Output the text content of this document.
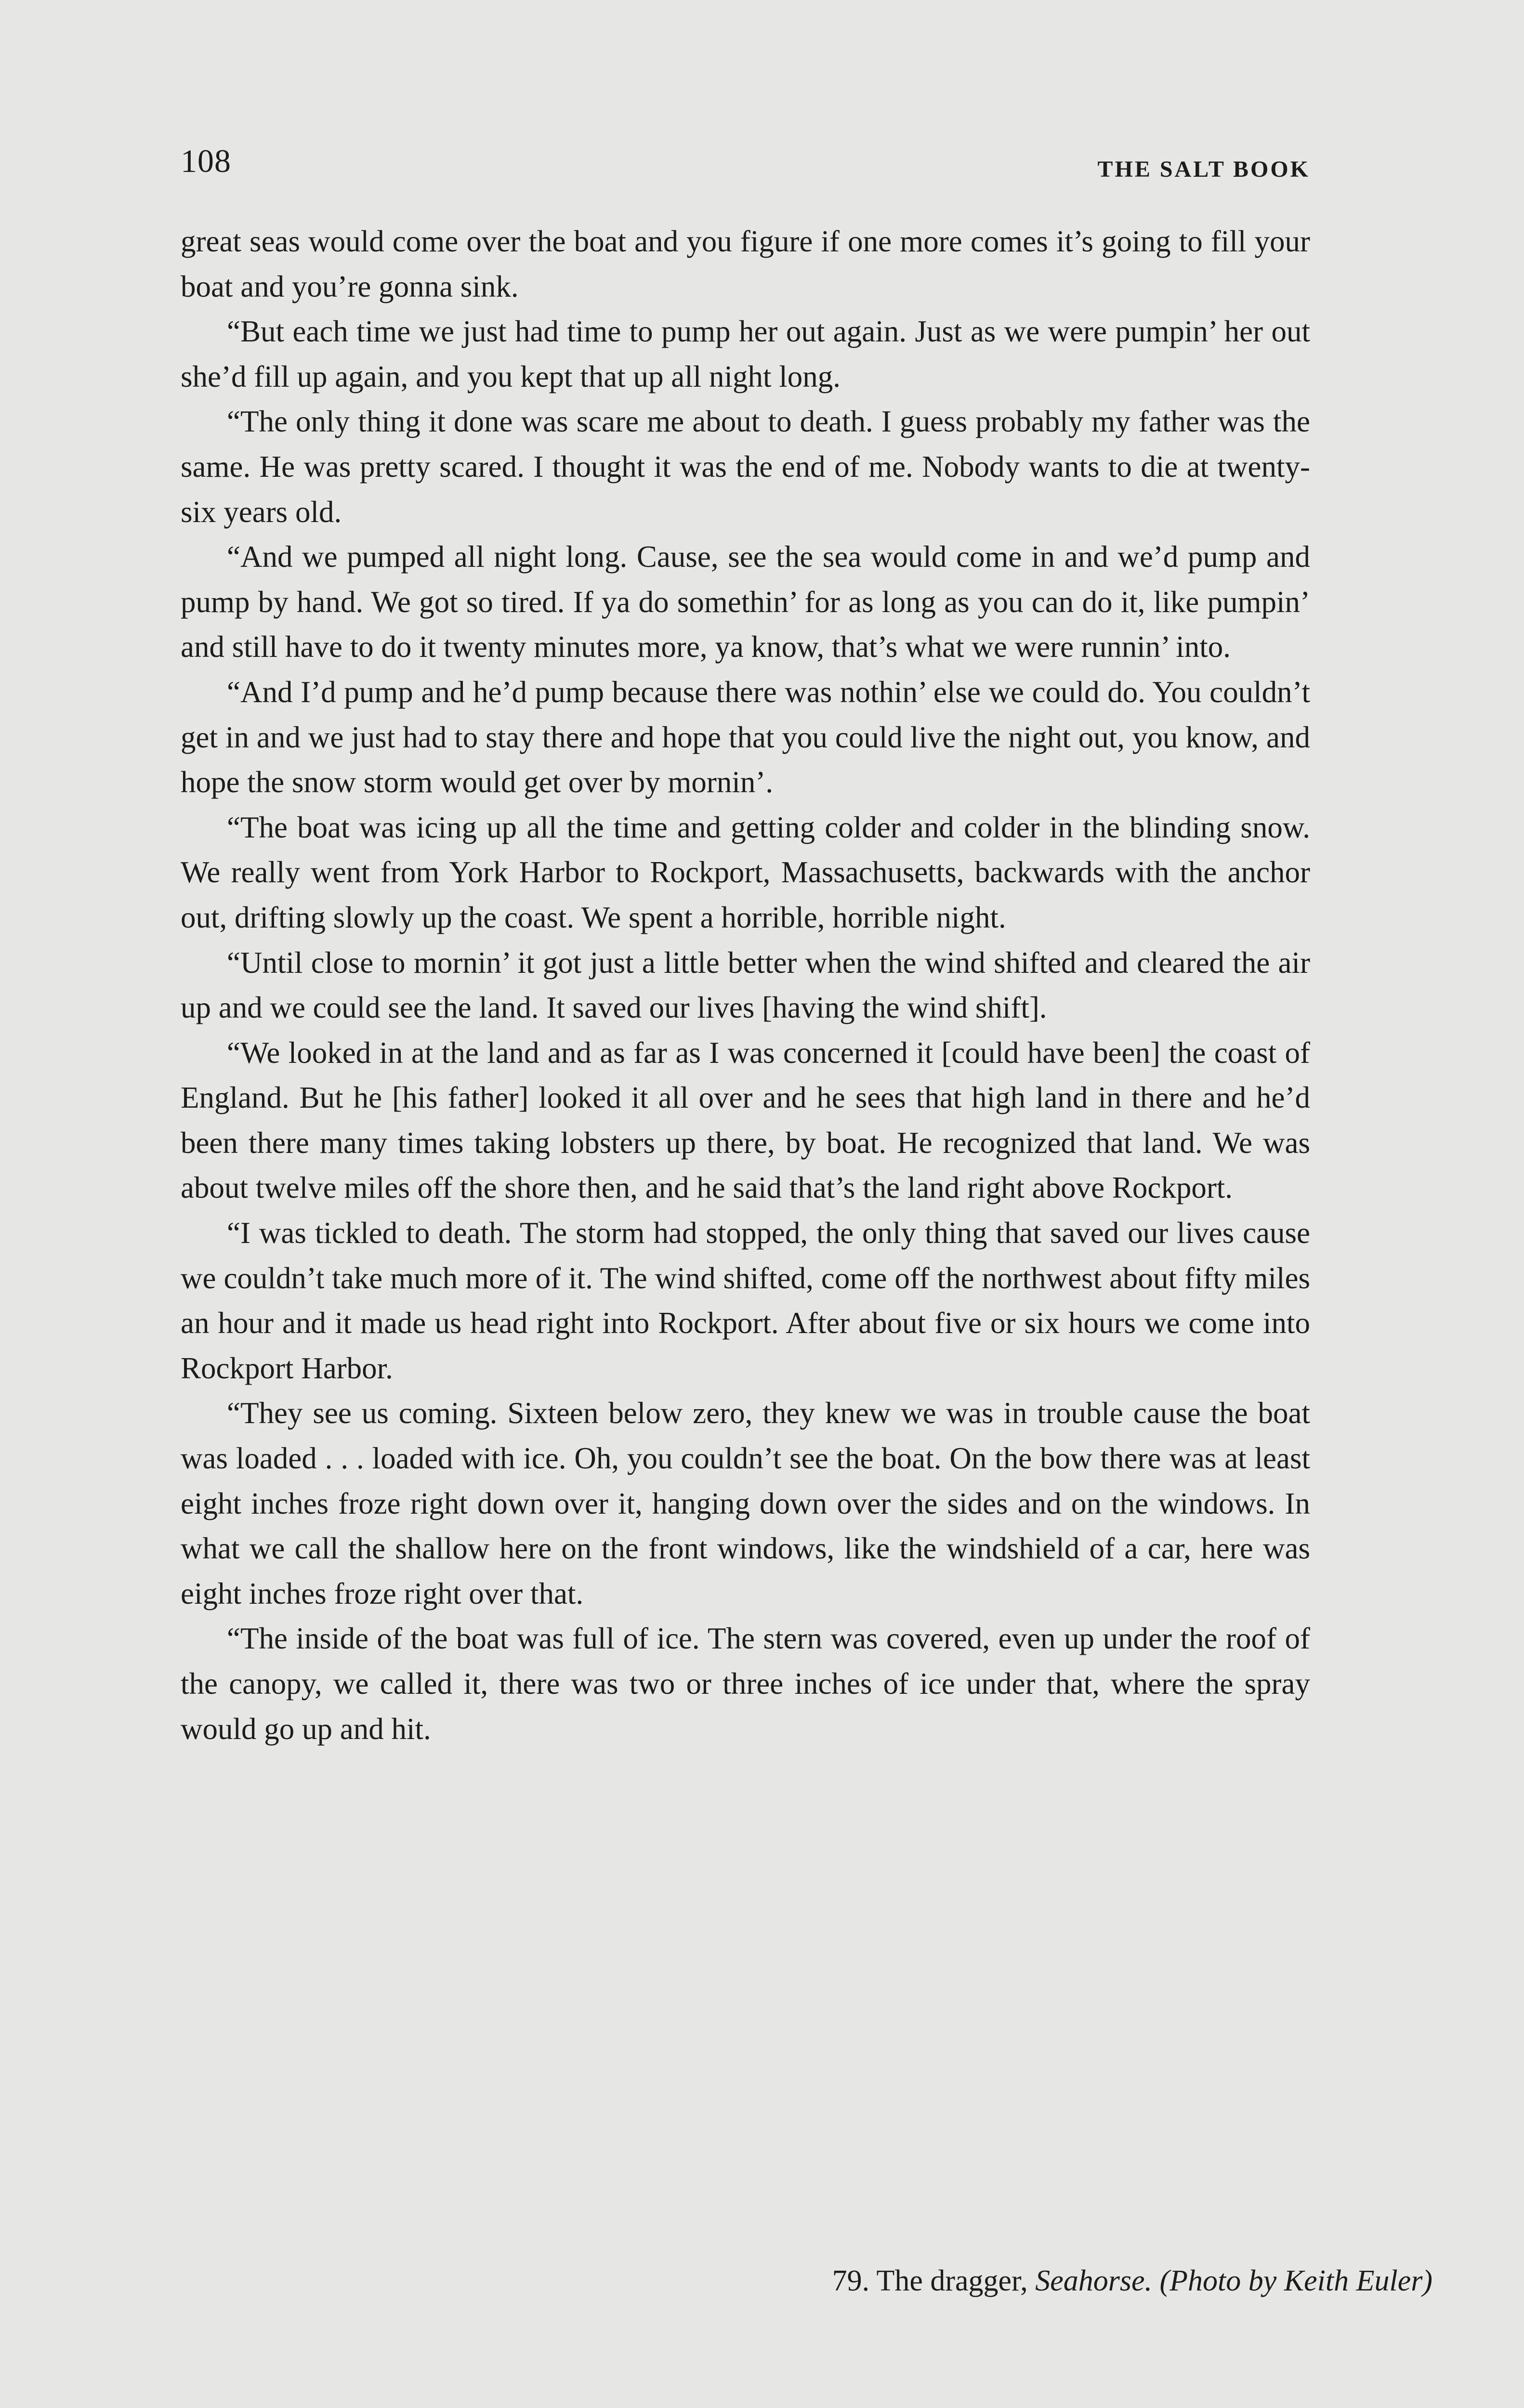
108	THE SALT BOOK

great seas would come over the boat and you figure if one more comes it’s going to fill your boat and you’re gonna sink.

“But each time we just had time to pump her out again. Just as we were pumpin’ her out she’d fill up again, and you kept that up all night long.

“The only thing it done was scare me about to death. I guess probably my father was the same. He was pretty scared. I thought it was the end of me. Nobody wants to die at twenty-six years old.

“And we pumped all night long. Cause, see the sea would come in and we’d pump and pump by hand. We got so tired. If ya do somethin’ for as long as you can do it, like pumpin’ and still have to do it twenty minutes more, ya know, that’s what we were runnin’ into.

“And I’d pump and he’d pump because there was nothin’ else we could do. You couldn’t get in and we just had to stay there and hope that you could live the night out, you know, and hope the snow storm would get over by mornin’.

“The boat was icing up all the time and getting colder and colder in the blinding snow. We really went from York Harbor to Rockport, Massachusetts, backwards with the anchor out, drifting slowly up the coast. We spent a horrible, horrible night.

“Until close to mornin’ it got just a little better when the wind shifted and cleared the air up and we could see the land. It saved our lives [having the wind shift].

“We looked in at the land and as far as I was concerned it [could have been] the coast of England. But he [his father] looked it all over and he sees that high land in there and he’d been there many times taking lobsters up there, by boat. He recognized that land. We was about twelve miles off the shore then, and he said that’s the land right above Rockport.

“I was tickled to death. The storm had stopped, the only thing that saved our lives cause we couldn’t take much more of it. The wind shifted, come off the northwest about fifty miles an hour and it made us head right into Rockport. After about five or six hours we come into Rockport Harbor.

“They see us coming. Sixteen below zero, they knew we was in trouble cause the boat was loaded . . . loaded with ice. Oh, you couldn’t see the boat. On the bow there was at least eight inches froze right down over it, hanging down over the sides and on the windows. In what we call the shallow here on the front windows, like the windshield of a car, here was eight inches froze right over that.

“The inside of the boat was full of ice. The stern was covered, even up under the roof of the canopy, we called it, there was two or three inches of ice under that, where the spray would go up and hit.

79. The dragger, Seahorse. (Photo by Keith Euler)
